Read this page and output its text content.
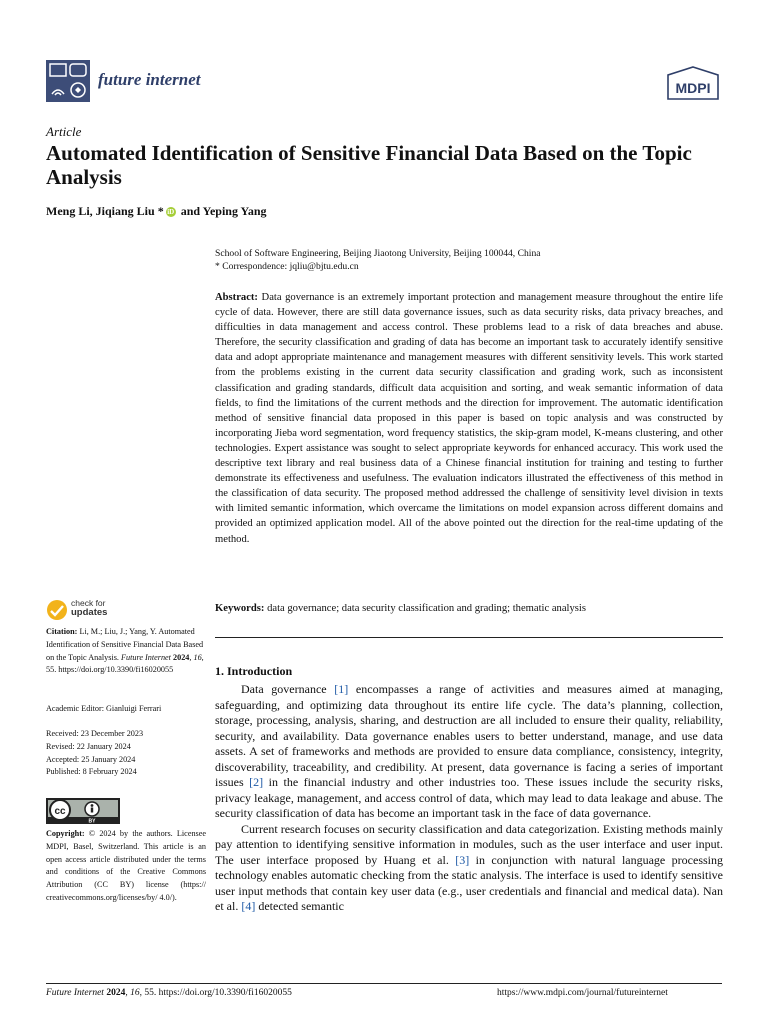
future internet	MDPI
Article
Automated Identification of Sensitive Financial Data Based on the Topic Analysis
Meng Li, Jiqiang Liu * iD and Yeping Yang
School of Software Engineering, Beijing Jiaotong University, Beijing 100044, China
* Correspondence: jqliu@bjtu.edu.cn
Abstract: Data governance is an extremely important protection and management measure throughout the entire life cycle of data. However, there are still data governance issues, such as data security risks, data privacy breaches, and difficulties in data management and access control. These problems lead to a risk of data breaches and abuse. Therefore, the security classification and grading of data has become an important task to accurately identify sensitive data and adopt appropriate maintenance and management measures with different sensitivity levels. This work started from the problems existing in the current data security classification and grading work, such as inconsistent classification and grading standards, difficult data acquisition and sorting, and weak semantic information of data fields, to find the limitations of the current methods and the direction for improvement. The automatic identification method of sensitive financial data proposed in this paper is based on topic analysis and was constructed by incorporating Jieba word segmentation, word frequency statistics, the skip-gram model, K-means clustering, and other technologies. Expert assistance was sought to select appropriate keywords for enhanced accuracy. This work used the descriptive text library and real business data of a Chinese financial institution for training and testing to further demonstrate its effectiveness and usefulness. The evaluation indicators illustrated the effectiveness of this method in the classification of data security. The proposed method addressed the challenge of sensitivity level division in texts with limited semantic information, which overcame the limitations on model expansion across different domains and provided an optimized application model. All of the above pointed out the direction for the real-time updating of the method.
Keywords: data governance; data security classification and grading; thematic analysis
1. Introduction

Data governance [1] encompasses a range of activities and measures aimed at managing, safeguarding, and optimizing data throughout its entire life cycle. The data’s planning, collection, storage, processing, analysis, sharing, and destruction are all included to ensure their quality, reliability, security, and availability. Data governance enables users to better understand, manage, and use data assets. A set of frameworks and methods are provided to ensure data compliance, consistency, integrity, discoverability, traceability, and credibility. At present, data governance is facing a series of important issues [2] in the financial industry and other industries too. These issues include the security risks, privacy leakage, management, and access control of data, which may lead to data leakage and abuse. The security classification of data has become an important task in the face of data governance.

Current research focuses on security classification and data categorization. Existing methods mainly pay attention to identifying sensitive information in modules, such as the user interface and user input. The user interface proposed by Huang et al. [3] in conjunction with natural language processing technology enables automatic checking from the static analysis. The interface is used to identify sensitive user input methods that contain key user data (e.g., user credentials and financial and medical data). Nan et al. [4] detected semantic

check for
updates
Citation: Li, M.; Liu, J.; Yang, Y. Automated Identification of Sensitive Financial Data Based on the Topic Analysis. Future Internet 2024, 16, 55. https://doi.org/10.3390/fi16020055
Academic Editor: Gianluigi Ferrari
Received: 23 December 2023
Revised: 22 January 2024
Accepted: 25 January 2024
Published: 8 February 2024
cc
BY
Copyright: © 2024 by the authors. Licensee MDPI, Basel, Switzerland. This article is an open access article distributed under the terms and conditions of the Creative Commons Attribution (CC BY) license (https:// creativecommons.org/licenses/by/ 4.0/).
Future Internet 2024, 16, 55. https://doi.org/10.3390/fi16020055	https://www.mdpi.com/journal/futureinternet
